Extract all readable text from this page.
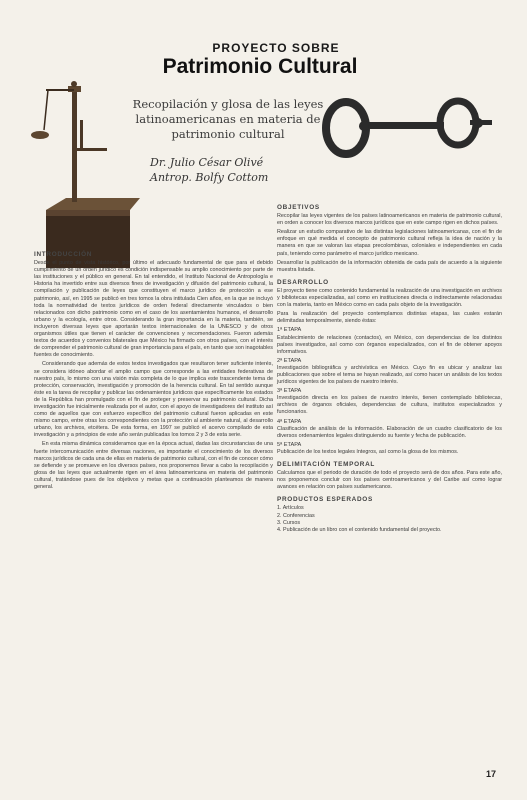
PROYECTO SOBRE
Patrimonio Cultural
Recopilación y glosa de las leyes latinoamericanas en materia de patrimonio cultural
Dr. Julio César Olivé
Antrop. Bolfy Cottom
INTRODUCCIÓN

Desde el punto de vista histórico, por último el adecuado fundamental de que para el debido cumplimiento de un orden jurídico es condición indispensable su amplio conocimiento por parte de las instituciones y el público en general. En tal entendido, el Instituto Nacional de Antropología e Historia ha invertido entre sus diversos fines de investigación y difusión del patrimonio cultural, la compilación y publicación de leyes que constituyen el marco jurídico de protección a ese patrimonio, así, en 1995 se publicó en tres tomos la obra intitulada Cien años, en la que se incluyó toda la normatividad de textos jurídicos de orden federal directamente vinculados o bien relacionados con dicho patrimonio como en el caso de los asentamientos humanos, el desarrollo urbano y la ecología, entre otros. Considerando la gran importancia en la materia, también, se incluyeron diversas leyes que aportarán textos internacionales de la UNESCO y de otros organismos útiles que tienen el carácter de convenciones y recomendaciones. Fueron además textos de acuerdos y convenios bilaterales que México ha firmado con otros países, con el interés de comprender el patrimonio cultural de gran importancia para el país, en tanto que son inagotables fuentes de conocimiento.

Considerando que además de estos textos investigados que resultaron tener suficiente interés, se considera idóneo abordar el amplio campo que corresponde a las entidades federativas de nuestro país, lo mismo con una visión más completa de lo que implica este trascendente tema de protección, conservación, investigación y promoción de la herencia cultural. En tal sentido aunque éste es la tarea de recopilar y publicar las ordenamientos jurídicos que específicamente los estados de la República han promulgado con el fin de proteger y preservar su patrimonio cultural. Dicha investigación fue inicialmente realizada por el autor, con el apoyo de investigadores del instituto así como de aquellos que con esfuerzo específico del patrimonio cultural fueron aplicadas en este mismo campo, entre otras los correspondientes con la protección al ambiente natural, al desarrollo urbano, los archivos, etcétera. De esta forma, en 1997 se publicó el acervo compilado de esta investigación y a principios de este año serán publicadas los tomos 2 y 3 de esta serie.

En esta misma dinámica consideramos que en la época actual, dadas las circunstancias de una fuerte intercomunicación entre diversas naciones, es importante el conocimiento de los diversos marcos jurídicos de cada una de ellas en materia de patrimonio cultural, con el fin de conocer cómo se defiende y se promueve en los diversos países, nos proponemos llevar a cabo la recopilación y glosa de las leyes que actualmente rigen en el área latinoamericana en materia del patrimonio cultural, tratándose pues de los objetivos y metas que a continuación planteamos de manera general.

OBJETIVOS

Recopilar las leyes vigentes de los países latinoamericanos en materia de patrimonio cultural, en orden a conocer los diversos marcos jurídicos que en este campo rigen en dichos países.

Realizar un estudio comparativo de las distintas legislaciones latinoamericanas, con el fin de enfoque en qué medida el concepto de patrimonio cultural refleja la idea de nación y la manera en que se valoran las etapas precolombinas, coloniales e independientes en cada país, teniendo como parámetro el marco jurídico mexicano.

Desarrollar la publicación de la información obtenida de cada país de acuerdo a la siguiente muestra listada.

DESARROLLO

El proyecto tiene como contenido fundamental la realización de una investigación en archivos y bibliotecas especializadas, así como en instituciones directa o indirectamente relacionadas con la materia, tanto en México como en cada país objeto de la investigación.

Para la realización del proyecto contemplamos distintas etapas, las cuales estarán delimitadas temporalmente, siendo éstas:

1ª ETAPA

Establecimiento de relaciones (contactos), en México, con dependencias de los distintos países investigados, así como con órganos especializados, con el fin de obtener apoyos informativos.

2ª ETAPA

Investigación bibliográfica y archivística en México. Cuyo fin es ubicar y analizar las publicaciones que sobre el tema se hayan realizado, así como hacer un análisis de los textos jurídicos vigentes de los países de nuestro interés.

3ª ETAPA

Investigación directa en los países de nuestro interés, tienen contemplado bibliotecas, archivos de órganos oficiales, dependencias de cultura, institutos especializados y funcionarios.

4ª ETAPA

Clasificación de análisis de la información. Elaboración de un cuadro clasificatorio de los diversos ordenamientos legales distinguiendo su fuente y fecha de publicación.

5ª ETAPA

Publicación de los textos legales íntegros, así como la glosa de los mismos.

DELIMITACIÓN TEMPORAL

Calculamos que el periodo de duración de todo el proyecto será de dos años. Para este año, nos proponemos concluir con los países centroamericanos y del Caribe así como lograr avances en relación con países sudamericanos.

PRODUCTOS ESPERADOS
1. Artículos
2. Conferencias
3. Cursos
4. Publicación de un libro con el contenido fundamental del proyecto.
17
